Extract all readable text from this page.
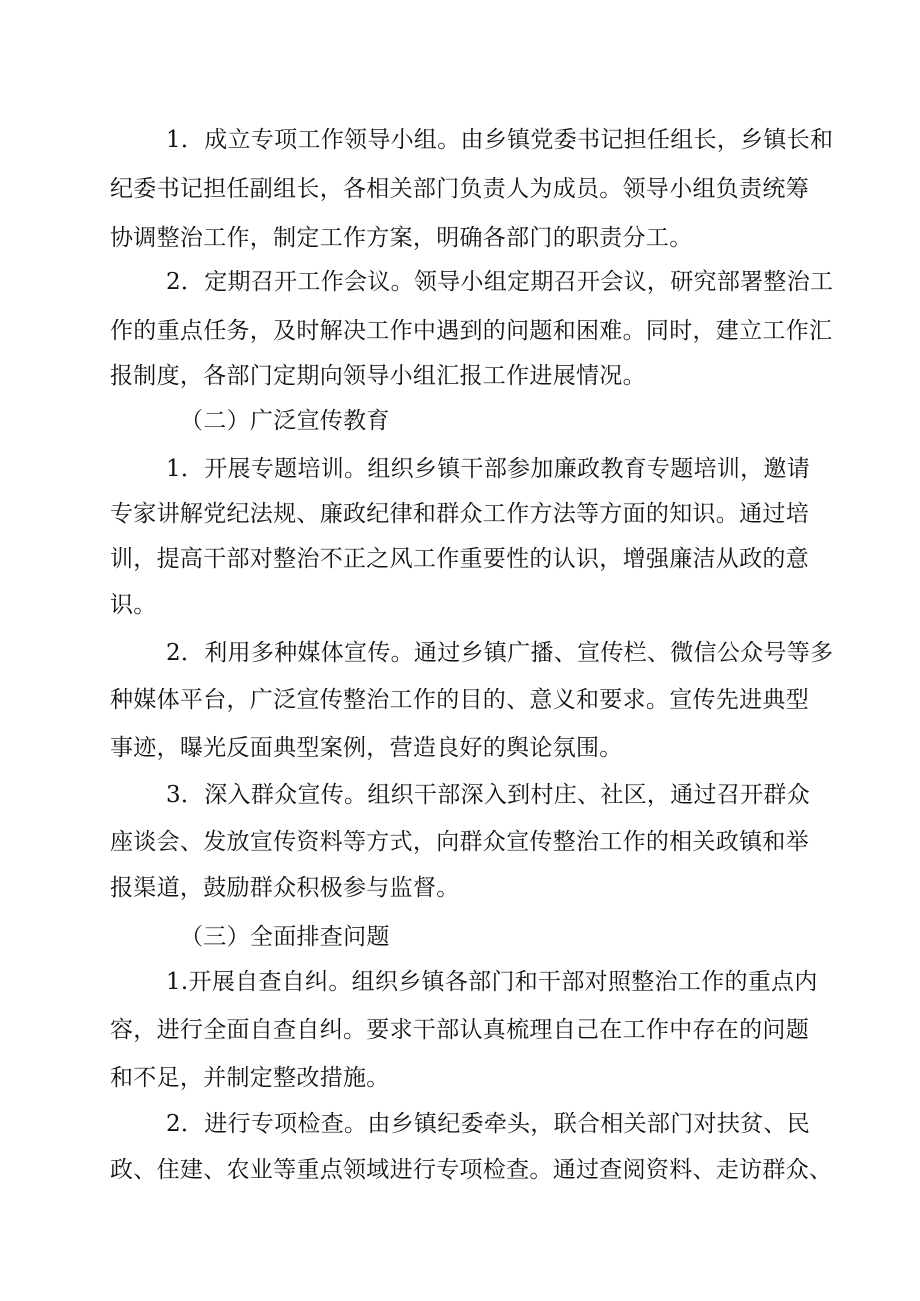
1．成立专项工作领导小组。由乡镇党委书记担任组长，乡镇长和
纪委书记担任副组长，各相关部门负责人为成员。领导小组负责统筹
协调整治工作，制定工作方案，明确各部门的职责分工。
2．定期召开工作会议。领导小组定期召开会议，研究部署整治工
作的重点任务，及时解决工作中遇到的问题和困难。同时，建立工作汇
报制度，各部门定期向领导小组汇报工作进展情况。
（二）广泛宣传教育
1．开展专题培训。组织乡镇干部参加廉政教育专题培训，邀请
专家讲解党纪法规、廉政纪律和群众工作方法等方面的知识。通过培
训，提高干部对整治不正之风工作重要性的认识，增强廉洁从政的意
识。
2．利用多种媒体宣传。通过乡镇广播、宣传栏、微信公众号等多
种媒体平台，广泛宣传整治工作的目的、意义和要求。宣传先进典型
事迹，曝光反面典型案例，营造良好的舆论氛围。
3．深入群众宣传。组织干部深入到村庄、社区，通过召开群众
座谈会、发放宣传资料等方式，向群众宣传整治工作的相关政镇和举
报渠道，鼓励群众积极参与监督。
（三）全面排查问题
1.开展自查自纠。组织乡镇各部门和干部对照整治工作的重点内
容，进行全面自查自纠。要求干部认真梳理自己在工作中存在的问题
和不足，并制定整改措施。
2．进行专项检查。由乡镇纪委牵头，联合相关部门对扶贫、民
政、住建、农业等重点领域进行专项检查。通过查阅资料、走访群众、
